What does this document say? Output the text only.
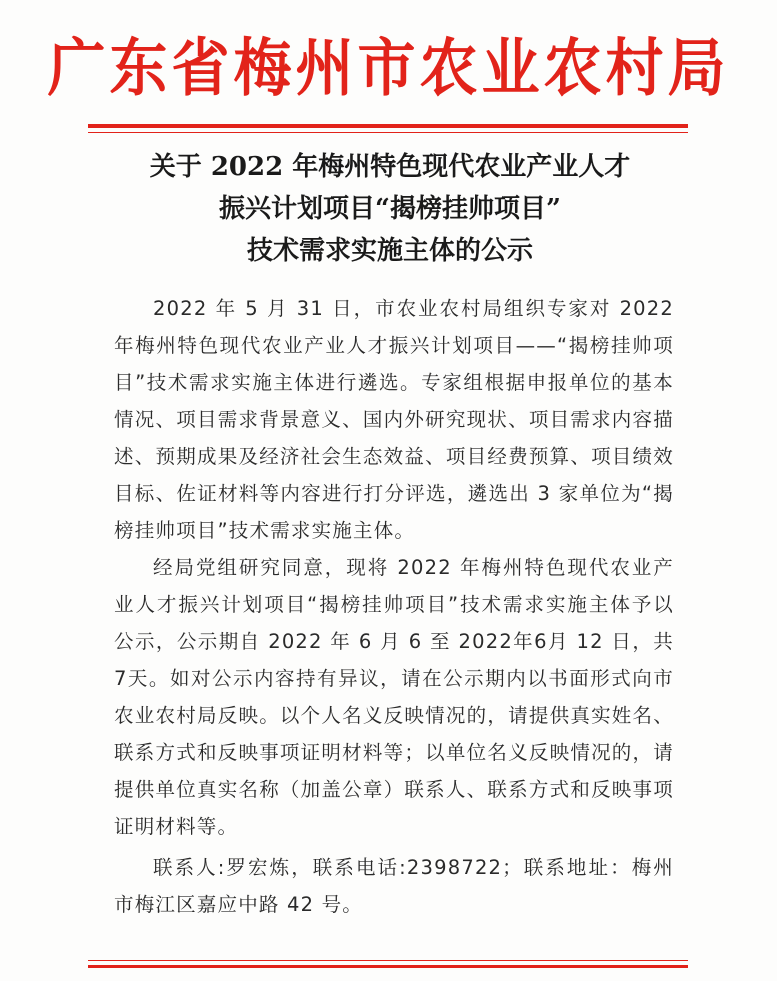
广东省梅州市农业农村局
关于 2022 年梅州特色现代农业产业人才
振兴计划项目“揭榜挂帅项目”
技术需求实施主体的公示

2022 年 5 月 31 日，市农业农村局组织专家对 2022 年梅州特色现代农业产业人才振兴计划项目——“揭榜挂帅项目”技术需求实施主体进行遴选。专家组根据申报单位的基本情况、项目需求背景意义、国内外研究现状、项目需求内容描述、预期成果及经济社会生态效益、项目经费预算、项目绩效目标、佐证材料等内容进行打分评选，遴选出 3 家单位为“揭榜挂帅项目”技术需求实施主体。

经局党组研究同意，现将 2022 年梅州特色现代农业产业人才振兴计划项目“揭榜挂帅项目”技术需求实施主体予以公示，公示期自 2022 年 6 月 6 至 2022年6月 12 日，共 7天。如对公示内容持有异议，请在公示期内以书面形式向市农业农村局反映。以个人名义反映情况的，请提供真实姓名、联系方式和反映事项证明材料等；以单位名义反映情况的，请提供单位真实名称（加盖公章）联系人、联系方式和反映事项证明材料等。

联系人:罗宏炼，联系电话:2398722；联系地址：梅州市梅江区嘉应中路 42 号。
